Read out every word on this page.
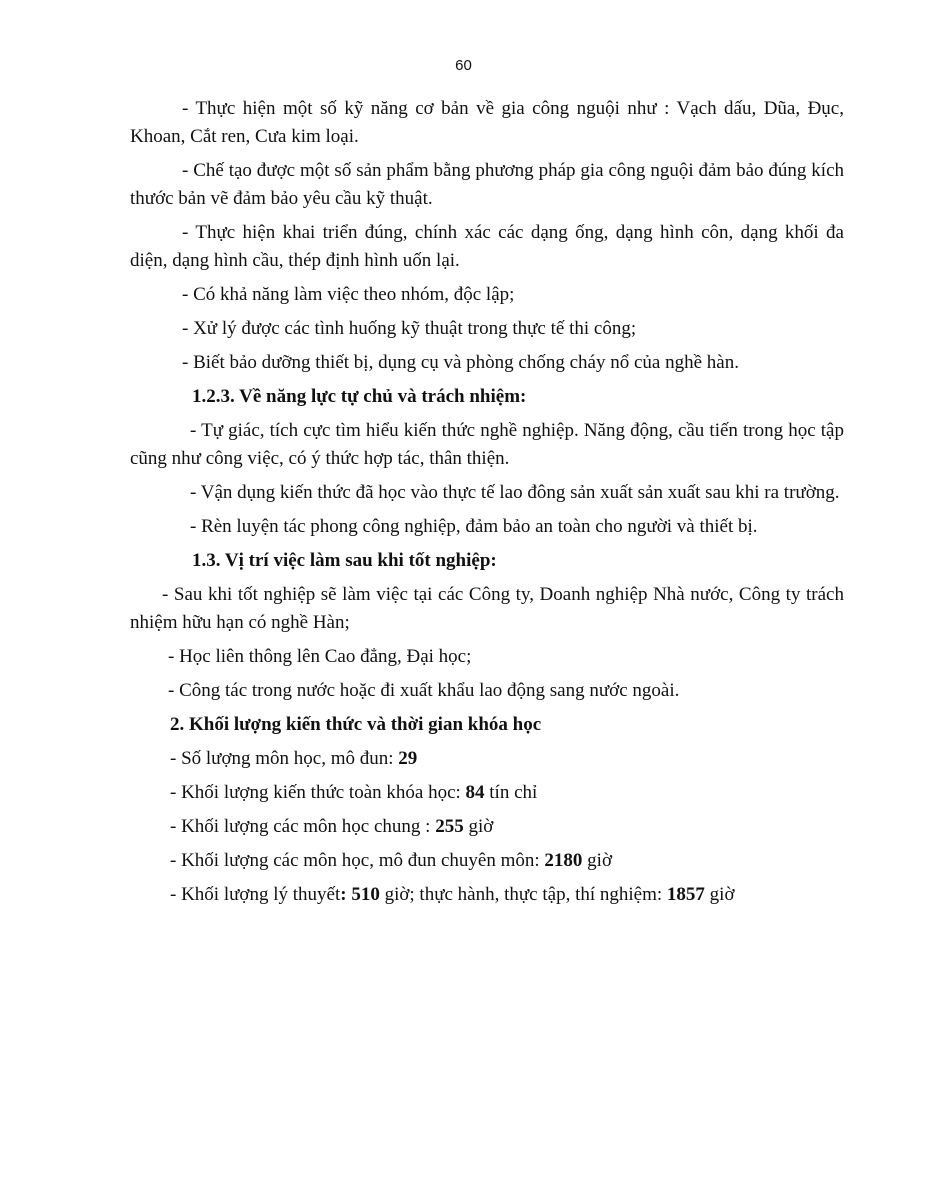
60

- Thực hiện một số kỹ năng cơ bản về gia công nguội như : Vạch dấu, Dũa, Đục, Khoan, Cắt ren, Cưa kim loại.

- Chế tạo được một số sản phẩm bằng phương pháp gia công nguội đảm bảo đúng kích thước bản vẽ đảm bảo yêu cầu kỹ thuật.

- Thực hiện khai triển đúng, chính xác các dạng ống, dạng hình côn, dạng khối đa diện, dạng hình cầu, thép định hình uốn lại.

- Có khả năng làm việc theo nhóm, độc lập;

- Xử lý được các tình huống kỹ thuật trong thực tế thi công;

- Biết bảo dưỡng thiết bị, dụng cụ và phòng chống cháy nổ của nghề hàn.

1.2.3. Về năng lực tự chủ và trách nhiệm:

- Tự giác, tích cực tìm hiểu kiến thức nghề nghiệp. Năng động, cầu tiến trong học tập cũng như công việc, có ý thức hợp tác, thân thiện.

- Vận dụng kiến thức đã học vào thực tế lao đông sản xuất sản xuất sau khi ra trường.

- Rèn luyện tác phong công nghiệp, đảm bảo an toàn cho người và thiết bị.

1.3. Vị trí việc làm sau khi tốt nghiệp:

- Sau khi tốt nghiệp sẽ làm việc tại các Công ty, Doanh nghiệp Nhà nước, Công ty trách nhiệm hữu hạn có nghề Hàn;

- Học liên thông lên Cao đẳng, Đại học;

- Công tác trong nước hoặc đi xuất khẩu lao động sang nước ngoài.

2. Khối lượng kiến thức và thời gian khóa học

- Số lượng môn học, mô đun: 29

- Khối lượng kiến thức toàn khóa học: 84 tín chỉ

- Khối lượng các môn học chung : 255 giờ

- Khối lượng các môn học, mô đun chuyên môn: 2180 giờ

- Khối lượng lý thuyết: 510 giờ; thực hành, thực tập, thí nghiệm: 1857 giờ
